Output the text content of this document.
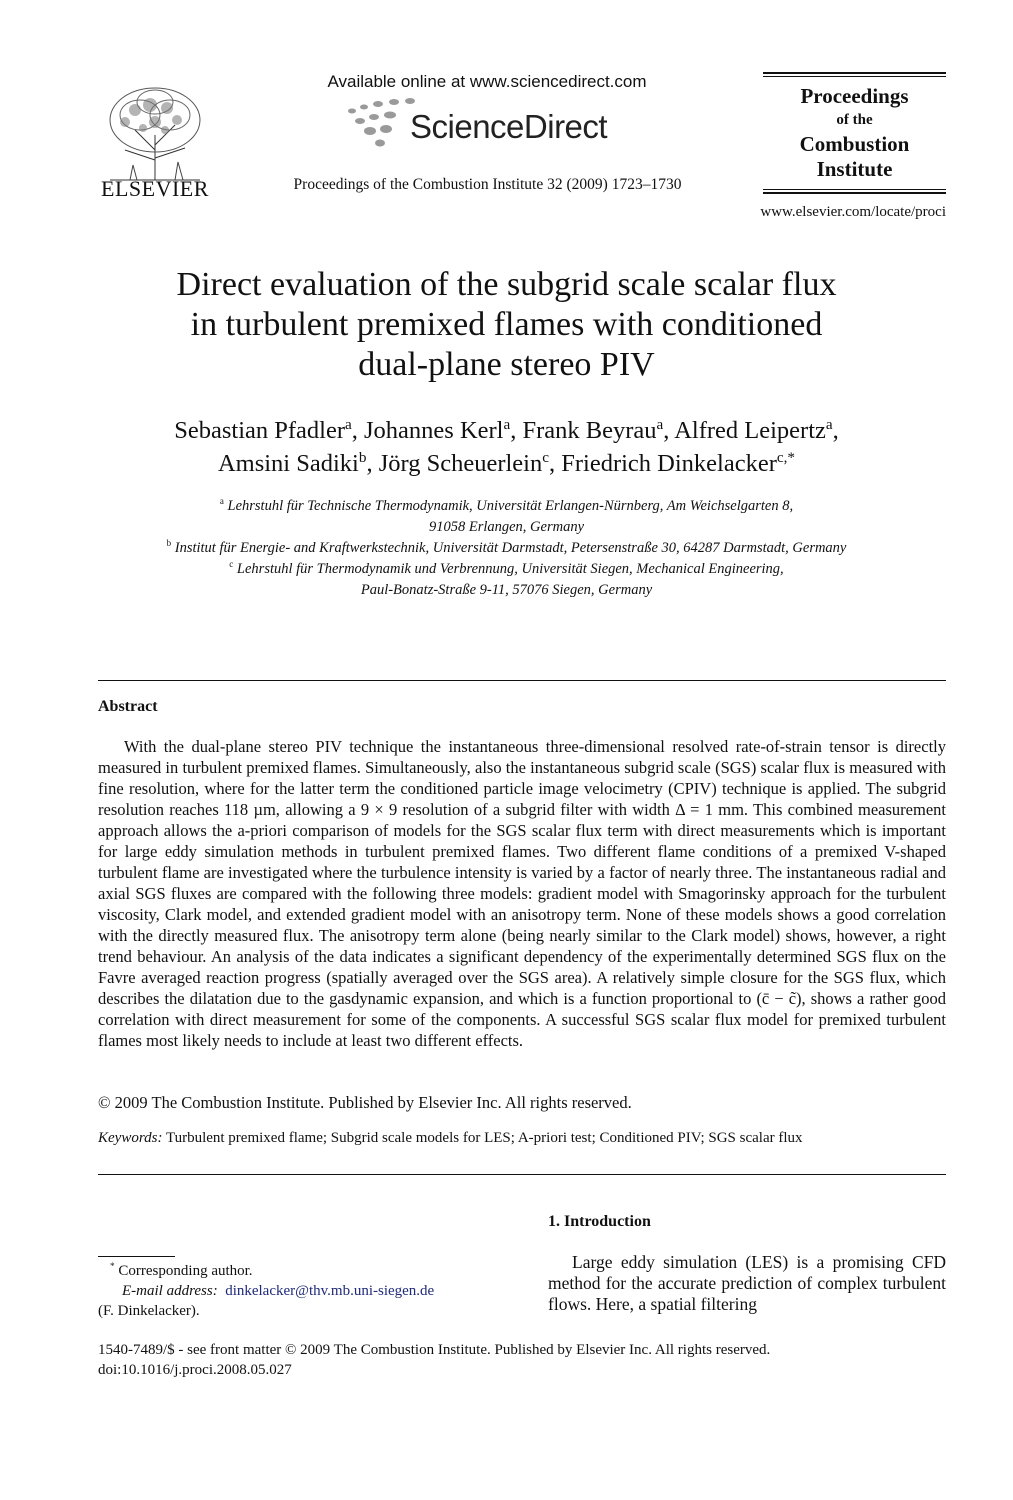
ELSEVIER
Available online at www.sciencedirect.com
ScienceDirect
Proceedings of the Combustion Institute 32 (2009) 1723–1730
Proceedings
of the
Combustion
Institute
www.elsevier.com/locate/proci
Direct evaluation of the subgrid scale scalar flux
in turbulent premixed flames with conditioned
dual-plane stereo PIV
Sebastian Pfadler$^a$, Johannes Kerl$^a$, Frank Beyrau$^a$, Alfred Leipertz$^a$,
Amsini Sadiki$^b$, Jörg Scheuerlein$^c$, Friedrich Dinkelacker$^{c,*}$
$^a$ Lehrstuhl für Technische Thermodynamik, Universität Erlangen-Nürnberg, Am Weichselgarten 8,
91058 Erlangen, Germany
$^b$ Institut für Energie- and Kraftwerkstechnik, Universität Darmstadt, Petersenstraße 30, 64287 Darmstadt, Germany
$^c$ Lehrstuhl für Thermodynamik und Verbrennung, Universität Siegen, Mechanical Engineering,
Paul-Bonatz-Straße 9-11, 57076 Siegen, Germany
Abstract
With the dual-plane stereo PIV technique the instantaneous three-dimensional resolved rate-of-strain tensor is directly measured in turbulent premixed flames. Simultaneously, also the instantaneous subgrid scale (SGS) scalar flux is measured with fine resolution, where for the latter term the conditioned particle image velocimetry (CPIV) technique is applied. The subgrid resolution reaches 118 µm, allowing a 9 × 9 resolution of a subgrid filter with width Δ = 1 mm. This combined measurement approach allows the a-priori comparison of models for the SGS scalar flux term with direct measurements which is important for large eddy simulation methods in turbulent premixed flames. Two different flame conditions of a premixed V-shaped turbulent flame are investigated where the turbulence intensity is varied by a factor of nearly three. The instantaneous radial and axial SGS fluxes are compared with the following three models: gradient model with Smagorinsky approach for the turbulent viscosity, Clark model, and extended gradient model with an anisotropy term. None of these models shows a good correlation with the directly measured flux. The anisotropy term alone (being nearly similar to the Clark model) shows, however, a right trend behaviour. An analysis of the data indicates a significant dependency of the experimentally determined SGS flux on the Favre averaged reaction progress (spatially averaged over the SGS area). A relatively simple closure for the SGS flux, which describes the dilatation due to the gasdynamic expansion, and which is a function proportional to (c̄ − c̃), shows a rather good correlation with direct measurement for some of the components. A successful SGS scalar flux model for premixed turbulent flames most likely needs to include at least two different effects.
© 2009 The Combustion Institute. Published by Elsevier Inc. All rights reserved.
Keywords: Turbulent premixed flame; Subgrid scale models for LES; A-priori test; Conditioned PIV; SGS scalar flux
1. Introduction
Large eddy simulation (LES) is a promising CFD method for the accurate prediction of complex turbulent flows. Here, a spatial filtering
* Corresponding author.
E-mail address: dinkelacker@thv.mb.uni-siegen.de
(F. Dinkelacker).
1540-7489/$ - see front matter © 2009 The Combustion Institute. Published by Elsevier Inc. All rights reserved.
doi:10.1016/j.proci.2008.05.027
